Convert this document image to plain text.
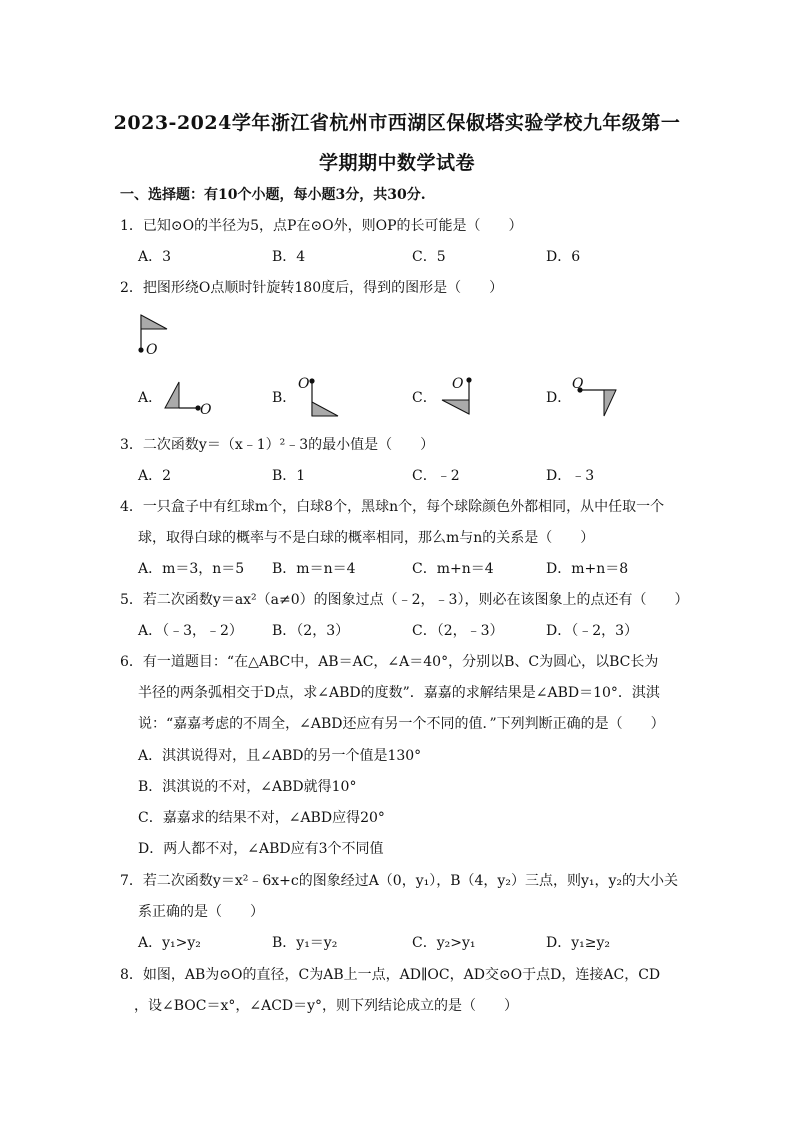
2023-2024学年浙江省杭州市西湖区保俶塔实验学校九年级第一
学期期中数学试卷
一、选择题：有10个小题，每小题3分，共30分.
1．已知⊙O的半径为5，点P在⊙O外，则OP的长可能是（　　）
A．3	B．4	C．5	D．6
2．把图形绕O点顺时针旋转180度后，得到的图形是（　　）
O
A．
O
B．
O
C．
O
D．
O
3．二次函数y＝（x﹣1）²﹣3的最小值是（　　）
A．2	B．1	C．﹣2	D．﹣3
4．一只盒子中有红球m个，白球8个，黑球n个，每个球除颜色外都相同，从中任取一个
球，取得白球的概率与不是白球的概率相同，那么m与n的关系是（　　）
A．m＝3，n＝5 B．m＝n＝4	C．m+n＝4	D．m+n＝8
5．若二次函数y＝ax²（a≠0）的图象过点（﹣2，﹣3），则必在该图象上的点还有（　　）
A．（﹣3，﹣2） B．（2，3）	C．（2，﹣3）	D．（﹣2，3）
6．有一道题目：“在△ABC中，AB＝AC，∠A＝40°，分别以B、C为圆心，以BC长为
半径的两条弧相交于D点，求∠ABD的度数”．嘉嘉的求解结果是∠ABD＝10°．淇淇
说：“嘉嘉考虑的不周全，∠ABD还应有另一个不同的值．”下列判断正确的是（　　）
A．淇淇说得对，且∠ABD的另一个值是130°
B．淇淇说的不对，∠ABD就得10°
C．嘉嘉求的结果不对，∠ABD应得20°
D．两人都不对，∠ABD应有3个不同值
7．若二次函数y＝x²﹣6x+c的图象经过A（0，y₁），B（4，y₂）三点，则y₁，y₂的大小关
系正确的是（　　）
A．y₁>y₂	B．y₁＝y₂	C．y₂>y₁	D．y₁≥y₂
8．如图，AB为⊙O的直径，C为AB上一点，AD∥OC，AD交⊙O于点D，连接AC，CD
，设∠BOC＝x°，∠ACD＝y°，则下列结论成立的是（　　）
